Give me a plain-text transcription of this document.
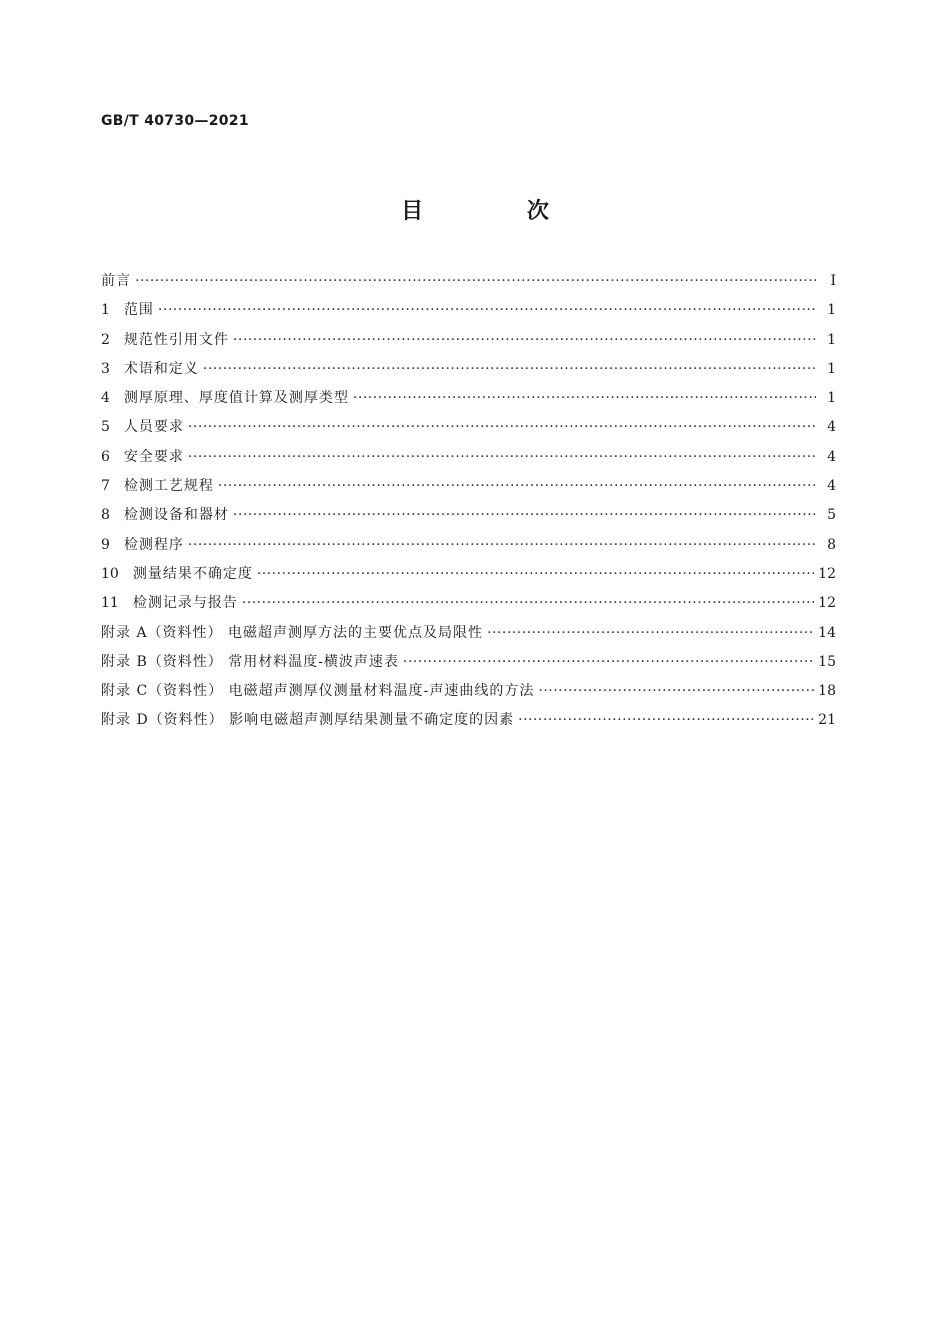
GB/T 40730—2021
目 次
前言 ·····	Ⅰ
1 范围 ·····	1
2 规范性引用文件 ·····	1
3 术语和定义 ·····	1
4 测厚原理、厚度值计算及测厚类型 ·····	1
5 人员要求 ·····	4
6 安全要求 ·····	4
7 检测工艺规程 ·····	4
8 检测设备和器材 ·····	5
9 检测程序 ·····	8
10 测量结果不确定度 ·····	12
11 检测记录与报告 ·····	12
附录 A（资料性） 电磁超声测厚方法的主要优点及局限性 ·····	14
附录 B（资料性） 常用材料温度-横波声速表 ·····	15
附录 C（资料性） 电磁超声测厚仪测量材料温度-声速曲线的方法 ·····	18
附录 D（资料性） 影响电磁超声测厚结果测量不确定度的因素 ·····	21
